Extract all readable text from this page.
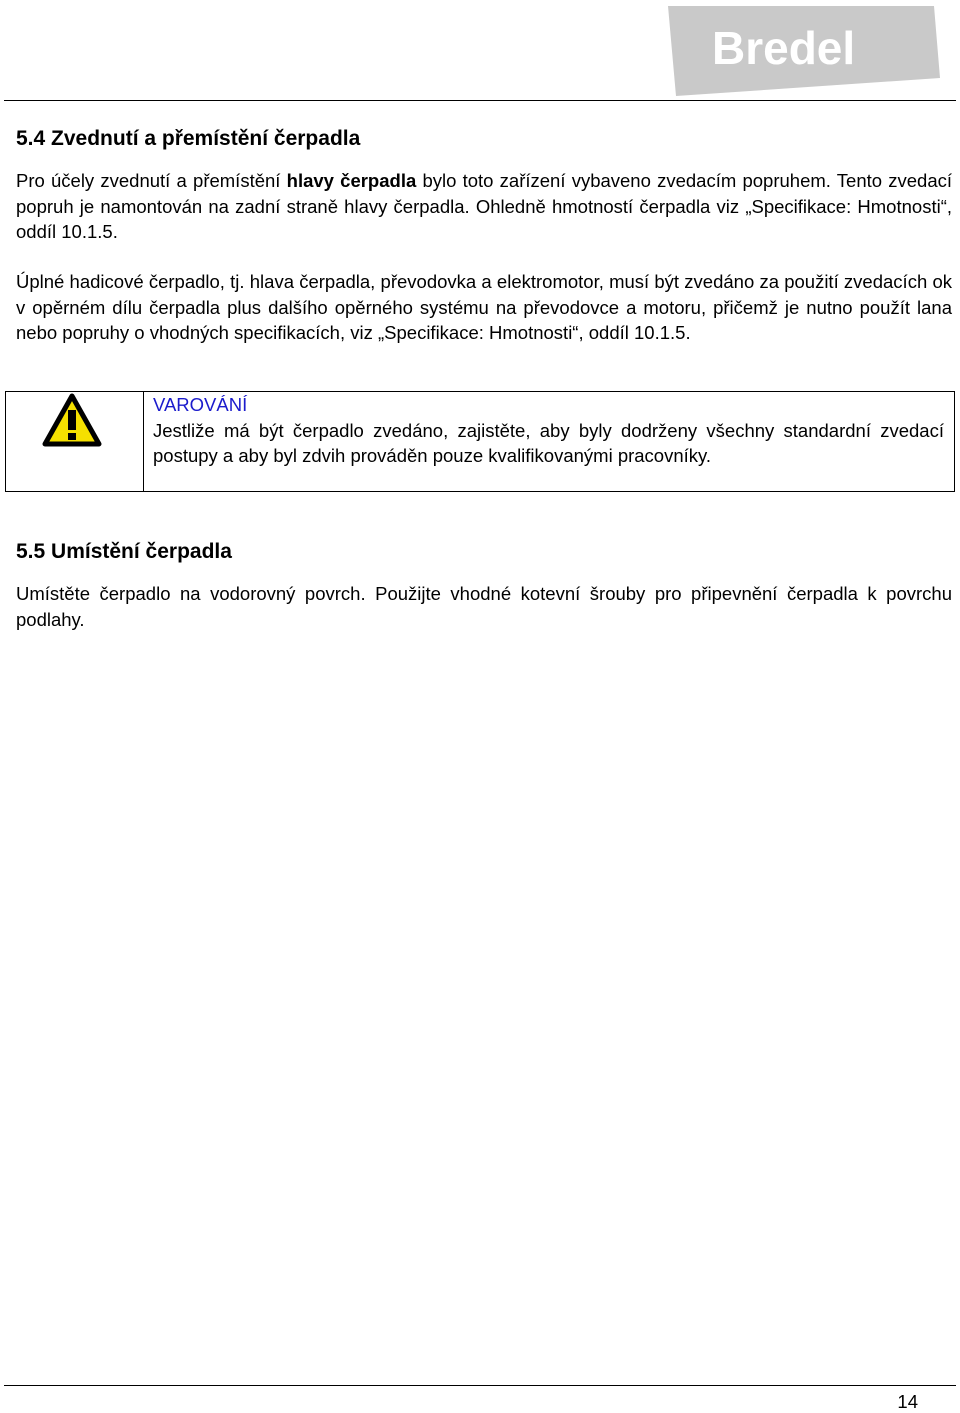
Bredel
5.4 Zvednutí a přemístění čerpadla

Pro účely zvednutí a přemístění hlavy čerpadla bylo toto zařízení vybaveno zvedacím popruhem. Tento zvedací popruh je namontován na zadní straně hlavy čerpadla. Ohledně hmotností čerpadla viz „Specifikace: Hmotnosti“, oddíl 10.1.5.

Úplné hadicové čerpadlo, tj. hlava čerpadla, převodovka a elektromotor, musí být zvedáno za použití zvedacích ok v opěrném dílu čerpadla plus dalšího opěrného systému na převodovce a motoru, přičemž je nutno použít lana nebo popruhy o vhodných specifikacích, viz „Specifikace: Hmotnosti“, oddíl 10.1.5.

VAROVÁNÍ

Jestliže má být čerpadlo zvedáno, zajistěte, aby byly dodrženy všechny standardní zvedací postupy a aby byl zdvih prováděn pouze kvalifikovanými pracovníky.

5.5 Umístění čerpadla

Umístěte čerpadlo na vodorovný povrch. Použijte vhodné kotevní šrouby pro připevnění čerpadla k povrchu podlahy.

14
